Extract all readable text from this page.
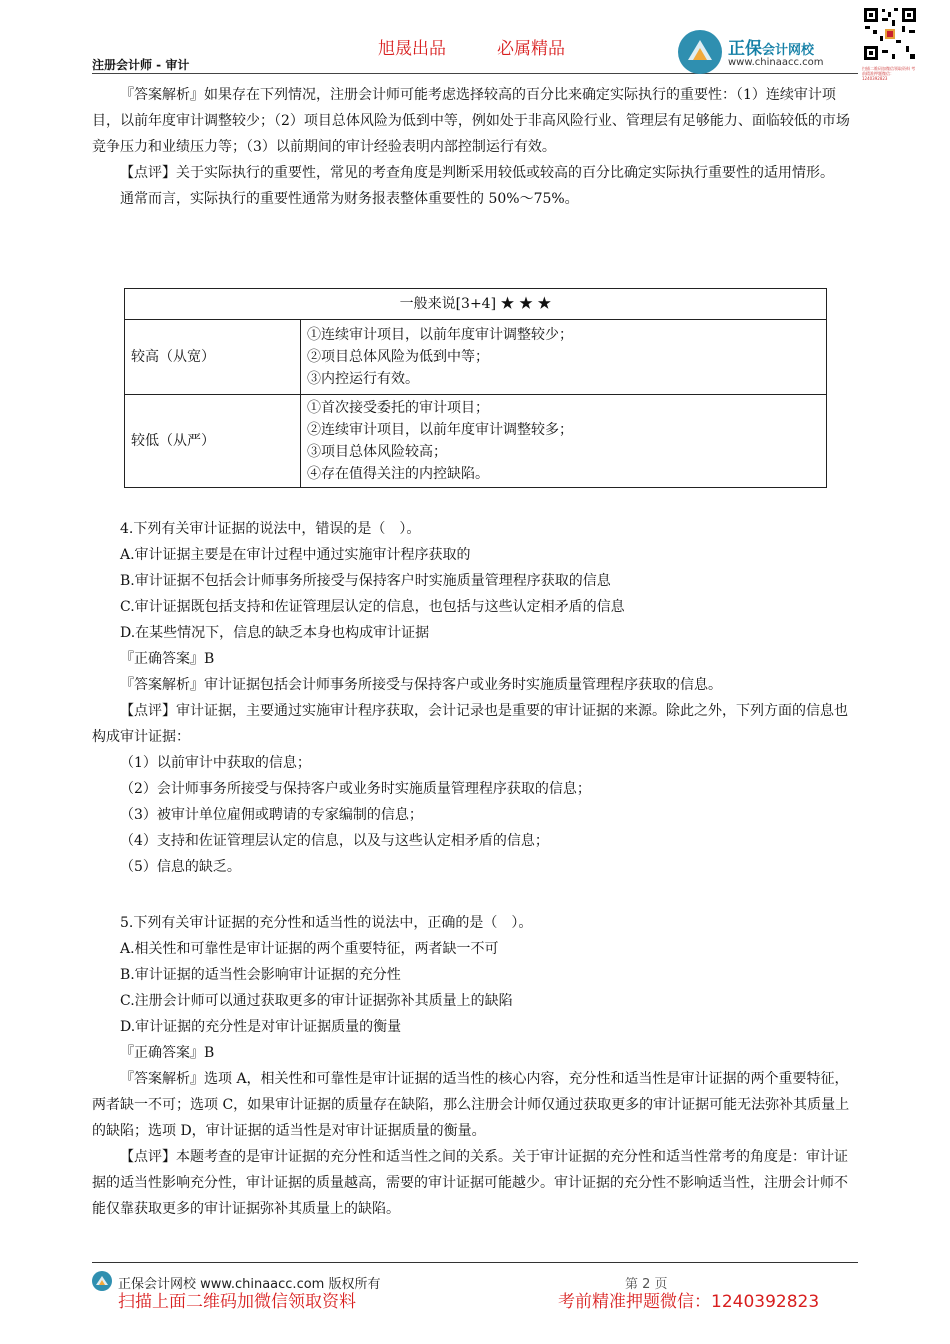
旭晟出品	必属精品
注册会计师 - 审计
正保会计网校
www.chinaacc.com
扫描二维码加微信领取资料 考前精准押题微信：1240392823

『答案解析』如果存在下列情况，注册会计师可能考虑选择较高的百分比来确定实际执行的重要性：（1）连续审计项目，以前年度审计调整较少；（2）项目总体风险为低到中等，例如处于非高风险行业、管理层有足够能力、面临较低的市场竞争压力和业绩压力等；（3）以前期间的审计经验表明内部控制运行有效。

【点评】关于实际执行的重要性，常见的考查角度是判断采用较低或较高的百分比确定实际执行重要性的适用情形。

通常而言，实际执行的重要性通常为财务报表整体重要性的 50%～75%。

一般来说[3+4] ★ ★ ★	
较高（从宽）	①连续审计项目，以前年度审计调整较少；
②项目总体风险为低到中等；
③内控运行有效。

较低（从严）	①首次接受委托的审计项目；
②连续审计项目，以前年度审计调整较多；
③项目总体风险较高；
④存在值得关注的内控缺陷。

4.下列有关审计证据的说法中，错误的是（　）。

A.审计证据主要是在审计过程中通过实施审计程序获取的

B.审计证据不包括会计师事务所接受与保持客户时实施质量管理程序获取的信息

C.审计证据既包括支持和佐证管理层认定的信息，也包括与这些认定相矛盾的信息

D.在某些情况下，信息的缺乏本身也构成审计证据

『正确答案』B

『答案解析』审计证据包括会计师事务所接受与保持客户或业务时实施质量管理程序获取的信息。

【点评】审计证据，主要通过实施审计程序获取，会计记录也是重要的审计证据的来源。除此之外，下列方面的信息也构成审计证据：

（1）以前审计中获取的信息；

（2）会计师事务所接受与保持客户或业务时实施质量管理程序获取的信息；

（3）被审计单位雇佣或聘请的专家编制的信息；

（4）支持和佐证管理层认定的信息，以及与这些认定相矛盾的信息；

（5）信息的缺乏。

5.下列有关审计证据的充分性和适当性的说法中，正确的是（　）。

A.相关性和可靠性是审计证据的两个重要特征，两者缺一不可

B.审计证据的适当性会影响审计证据的充分性

C.注册会计师可以通过获取更多的审计证据弥补其质量上的缺陷

D.审计证据的充分性是对审计证据质量的衡量

『正确答案』B

『答案解析』选项 A，相关性和可靠性是审计证据的适当性的核心内容，充分性和适当性是审计证据的两个重要特征，两者缺一不可；选项 C，如果审计证据的质量存在缺陷，那么注册会计师仅通过获取更多的审计证据可能无法弥补其质量上的缺陷；选项 D，审计证据的适当性是对审计证据质量的衡量。

【点评】本题考查的是审计证据的充分性和适当性之间的关系。关于审计证据的充分性和适当性常考的角度是：审计证据的适当性影响充分性，审计证据的质量越高，需要的审计证据可能越少。审计证据的充分性不影响适当性，注册会计师不能仅靠获取更多的审计证据弥补其质量上的缺陷。

正保会计网校 www.chinaacc.com 版权所有	第 2 页
扫描上面二维码加微信领取资料	考前精准押题微信：1240392823
